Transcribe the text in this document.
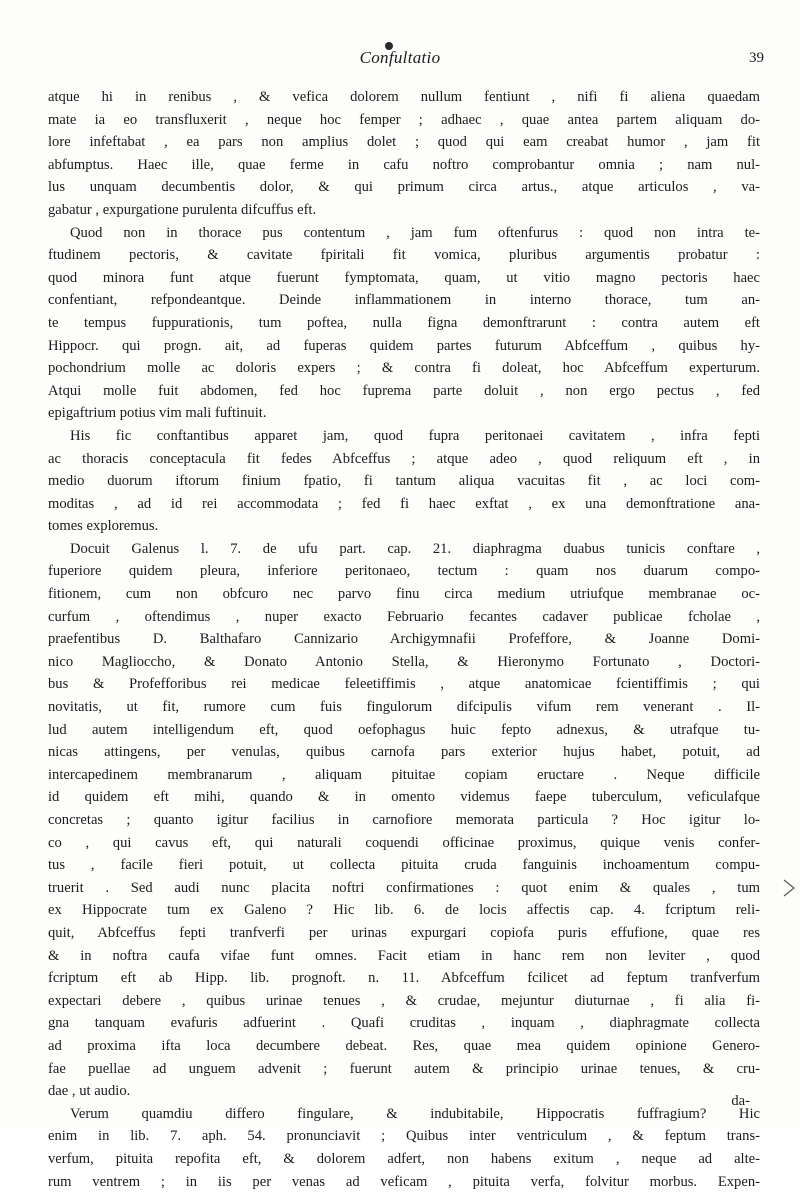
Confultatio	39
atque hi in renibus , & vefica dolorem nullum fentiunt , nifi fi aliena quaedam
mate ia eo transfluxerit , neque hoc femper ; adhaec , quae antea partem aliquam do-
lore infeftabat , ea pars non amplius dolet ; quod qui eam creabat humor , jam fit
abfumptus. Haec ille, quae ferme in cafu noftro comprobantur omnia ; nam nul-
lus unquam decumbentis dolor, & qui primum circa artus., atque articulos , va-
gabatur , expurgatione purulenta difcuffus eft.
Quod non in thorace pus contentum , jam fum oftenfurus : quod non intra te-
ftudinem pectoris, & cavitate fpiritali fit vomica, pluribus argumentis probatur :
quod minora funt atque fuerunt fymptomata, quam, ut vitio magno pectoris haec
confentiant, refpondeantque. Deinde inflammationem in interno thorace, tum an-
te tempus fuppurationis, tum poftea, nulla figna demonftrarunt : contra autem eft
Hippocr. qui progn. ait, ad fuperas quidem partes futurum Abfceffum , quibus hy-
pochondrium molle ac doloris expers ; & contra fi doleat, hoc Abfceffum experturum.
Atqui molle fuit abdomen, fed hoc fuprema parte doluit , non ergo pectus , fed
epigaftrium potius vim mali fuftinuit.
His fic conftantibus apparet jam, quod fupra peritonaei cavitatem , infra fepti
ac thoracis conceptacula fit fedes Abfceffus ; atque adeo , quod reliquum eft , in
medio duorum iftorum finium fpatio, fi tantum aliqua vacuitas fit , ac loci com-
moditas , ad id rei accommodata ; fed fi haec exftat , ex una demonftratione ana-
tomes exploremus.
Docuit Galenus l. 7. de ufu part. cap. 21. diaphragma duabus tunicis conftare ,
fuperiore quidem pleura, inferiore peritonaeo, tectum : quam nos duarum compo-
fitionem, cum non obfcuro nec parvo finu circa medium utriufque membranae oc-
curfum , oftendimus , nuper exacto Februario fecantes cadaver publicae fcholae ,
praefentibus D. Balthafaro Cannizario Archigymnafii Profeffore, & Joanne Domi-
nico Maglioccho, & Donato Antonio Stella, & Hieronymo Fortunato , Doctori-
bus & Profefforibus rei medicae feleetiffimis , atque anatomicae fcientiffimis ; qui
novitatis, ut fit, rumore cum fuis fingulorum difcipulis vifum rem venerant . Il-
lud autem intelligendum eft, quod oefophagus huic fepto adnexus, & utrafque tu-
nicas attingens, per venulas, quibus carnofa pars exterior hujus habet, potuit, ad
intercapedinem membranarum , aliquam pituitae copiam eructare . Neque difficile
id quidem eft mihi, quando & in omento videmus faepe tuberculum, veficulafque
concretas ; quanto igitur facilius in carnofiore memorata particula ? Hoc igitur lo-
co , qui cavus eft, qui naturali coquendi officinae proximus, quique venis confer-
tus , facile fieri potuit, ut collecta pituita cruda fanguinis inchoamentum compu-
truerit . Sed audi nunc placita noftri confirmationes : quot enim & quales , tum
ex Hippocrate tum ex Galeno ? Hic lib. 6. de locis affectis cap. 4. fcriptum reli-
quit, Abfceffus fepti tranfverfi per urinas expurgari copiofa puris effufione, quae res
& in noftra caufa vifae funt omnes. Facit etiam in hanc rem non leviter , quod
fcriptum eft ab Hipp. lib. prognoft. n. 11. Abfceffum fcilicet ad feptum tranfverfum
expectari debere , quibus urinae tenues , & crudae, mejuntur diuturnae , fi alia fi-
gna tanquam evafuris adfuerint . Quafi cruditas , inquam , diaphragmate collecta
ad proxima ifta loca decumbere debeat. Res, quae mea quidem opinione Genero-
fae puellae ad unguem advenit ; fuerunt autem & principio urinae tenues, & cru-
dae , ut audio.
Verum quamdiu differo fingulare, & indubitabile, Hippocratis fuffragium? Hic
enim in lib. 7. aph. 54. pronunciavit ; Quibus inter ventriculum , & feptum trans-
verfum, pituita repofita eft, & dolorem adfert, non habens exitum , neque ad alte-
rum ventrem ; in iis per venas ad veficam , pituita verfa, folvitur morbus. Expen-
da-
